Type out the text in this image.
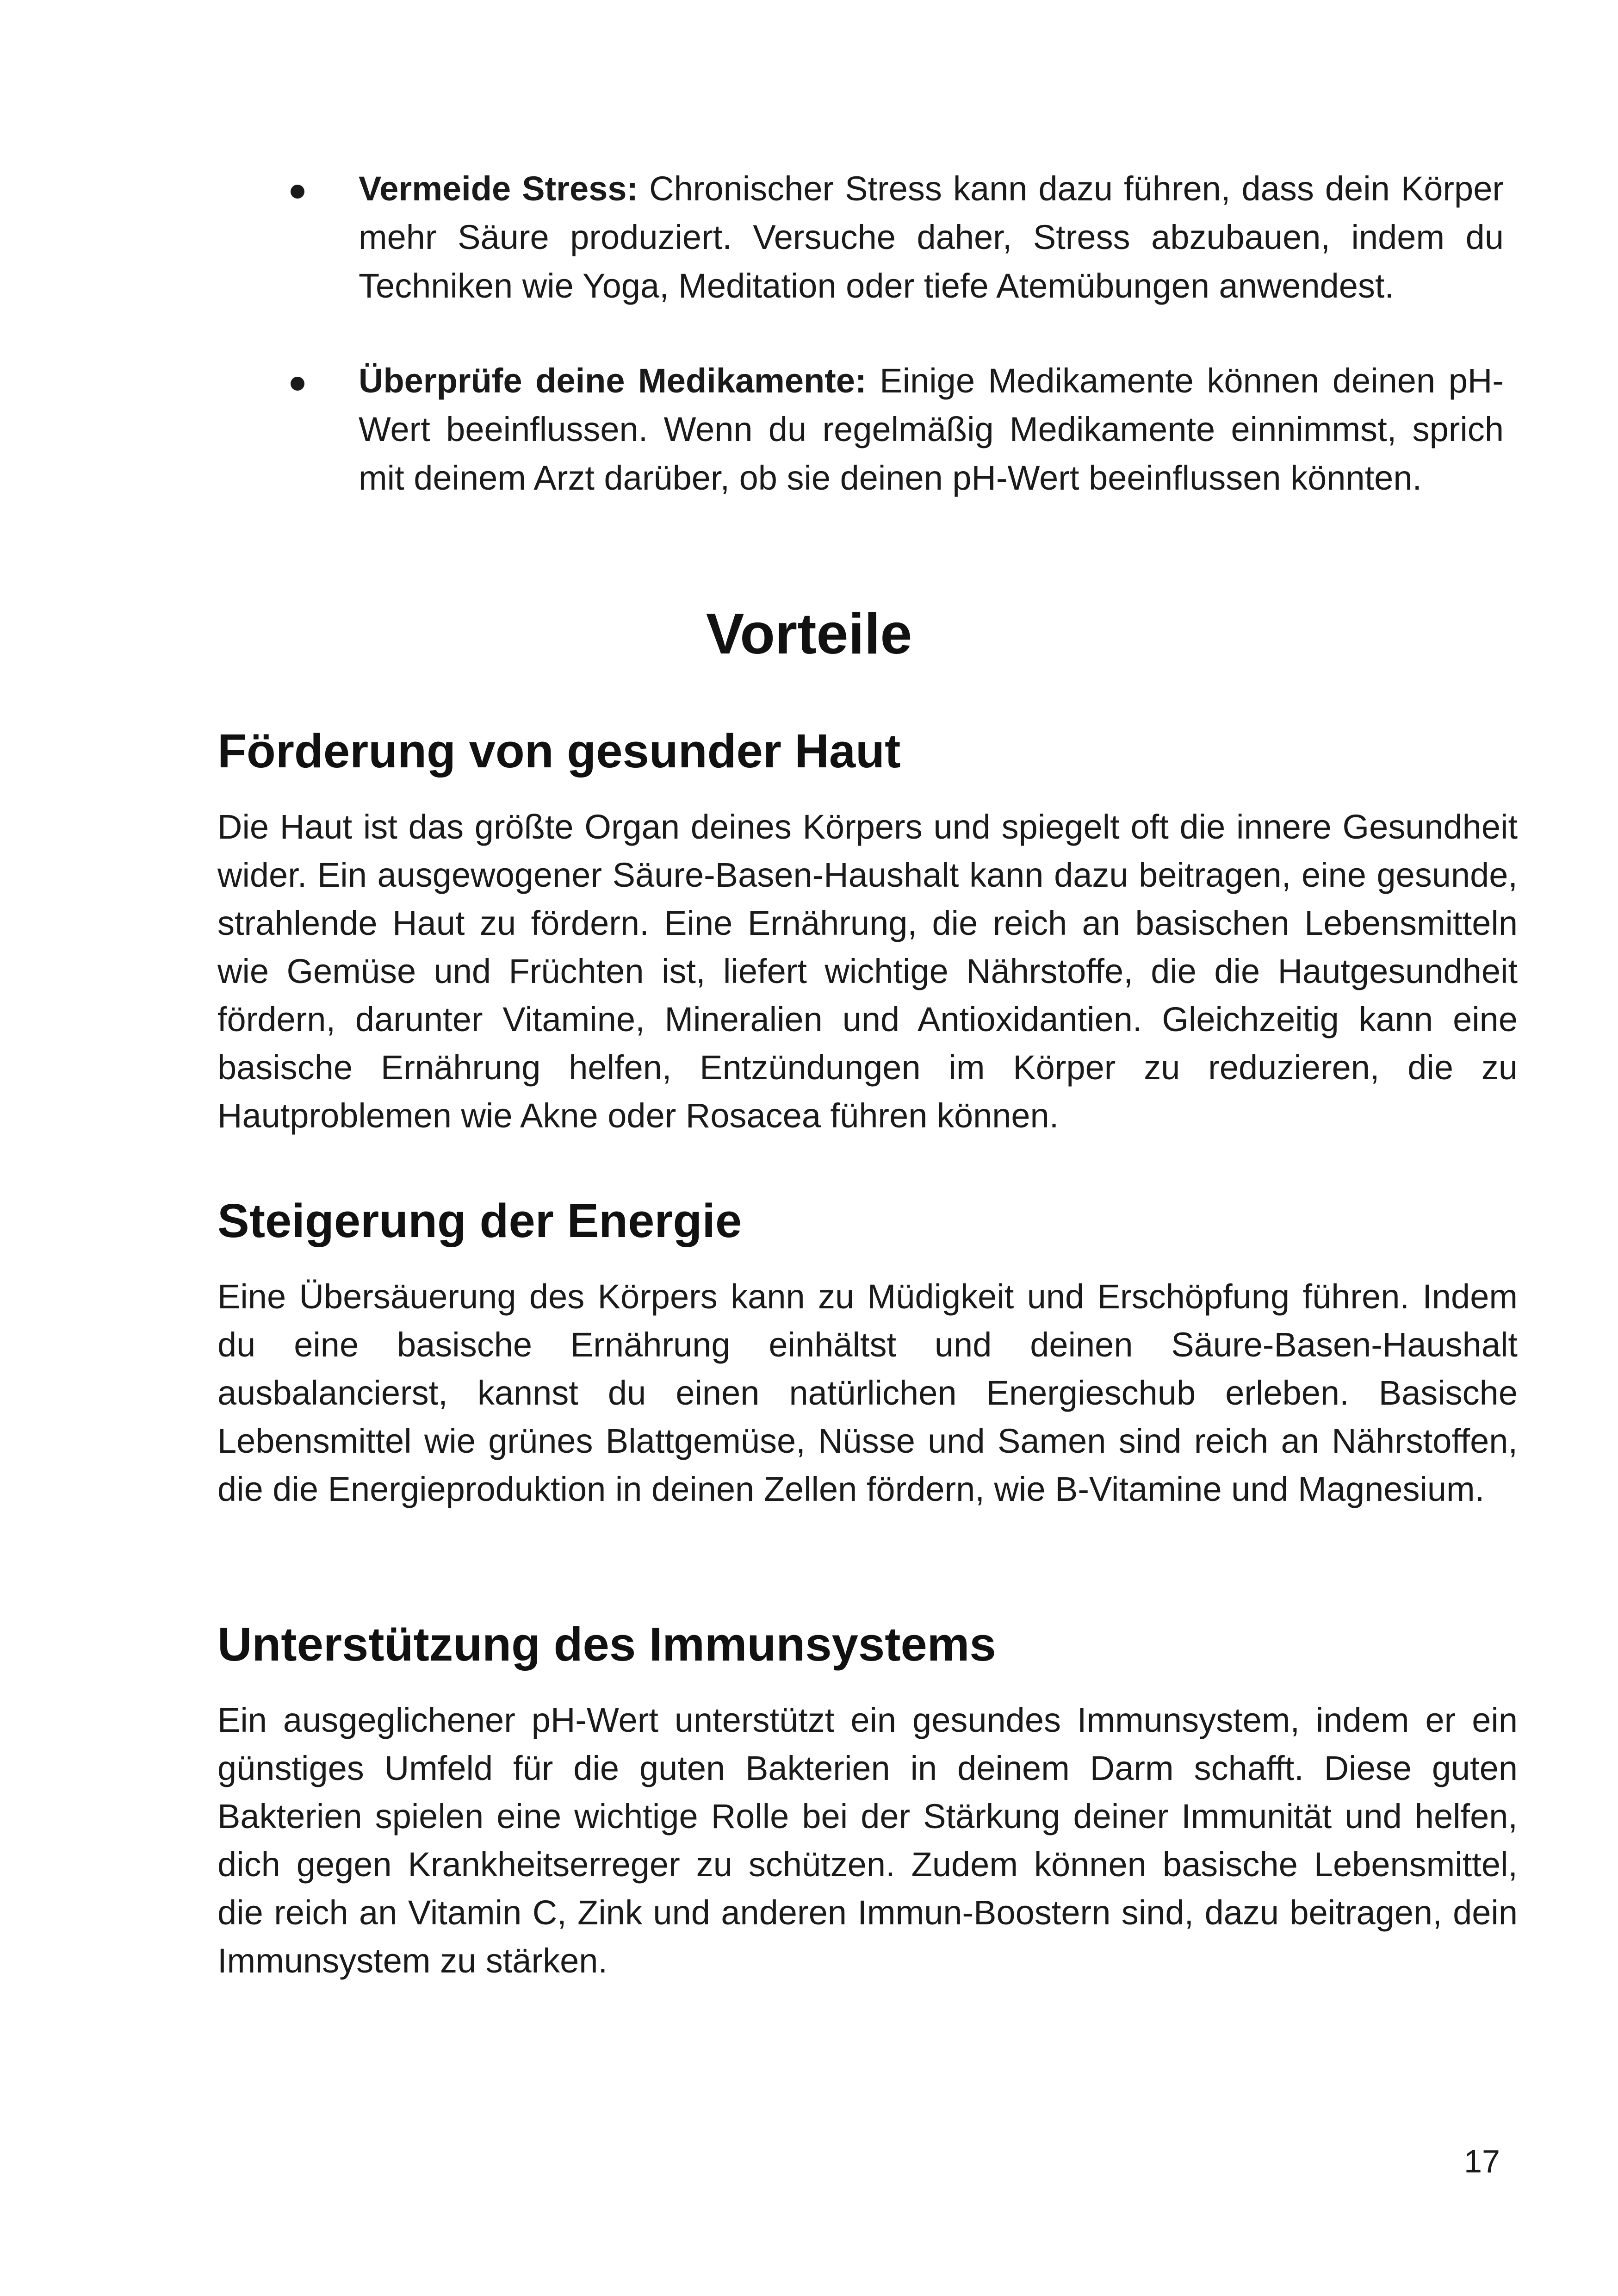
Vermeide Stress: Chronischer Stress kann dazu führen, dass dein Körper mehr Säure produziert. Versuche daher, Stress abzubauen, indem du Techniken wie Yoga, Meditation oder tiefe Atemübungen anwendest.
Überprüfe deine Medikamente: Einige Medikamente können deinen pH-Wert beeinflussen. Wenn du regelmäßig Medikamente einnimmst, sprich mit deinem Arzt darüber, ob sie deinen pH-Wert beeinflussen könnten.
Vorteile
Förderung von gesunder Haut

Die Haut ist das größte Organ deines Körpers und spiegelt oft die innere Gesundheit wider. Ein ausgewogener Säure-Basen-Haushalt kann dazu beitragen, eine gesunde, strahlende Haut zu fördern. Eine Ernährung, die reich an basischen Lebensmitteln wie Gemüse und Früchten ist, liefert wichtige Nährstoffe, die die Hautgesundheit fördern, darunter Vitamine, Mineralien und Antioxidantien. Gleichzeitig kann eine basische Ernährung helfen, Entzündungen im Körper zu reduzieren, die zu Hautproblemen wie Akne oder Rosacea führen können.

Steigerung der Energie

Eine Übersäuerung des Körpers kann zu Müdigkeit und Erschöpfung führen. Indem du eine basische Ernährung einhältst und deinen Säure-Basen-Haushalt ausbalancierst, kannst du einen natürlichen Energieschub erleben. Basische Lebensmittel wie grünes Blattgemüse, Nüsse und Samen sind reich an Nährstoffen, die die Energieproduktion in deinen Zellen fördern, wie B-Vitamine und Magnesium.

Unterstützung des Immunsystems

Ein ausgeglichener pH-Wert unterstützt ein gesundes Immunsystem, indem er ein günstiges Umfeld für die guten Bakterien in deinem Darm schafft. Diese guten Bakterien spielen eine wichtige Rolle bei der Stärkung deiner Immunität und helfen, dich gegen Krankheitserreger zu schützen. Zudem können basische Lebensmittel, die reich an Vitamin C, Zink und anderen Immun-Boostern sind, dazu beitragen, dein Immunsystem zu stärken.

17
